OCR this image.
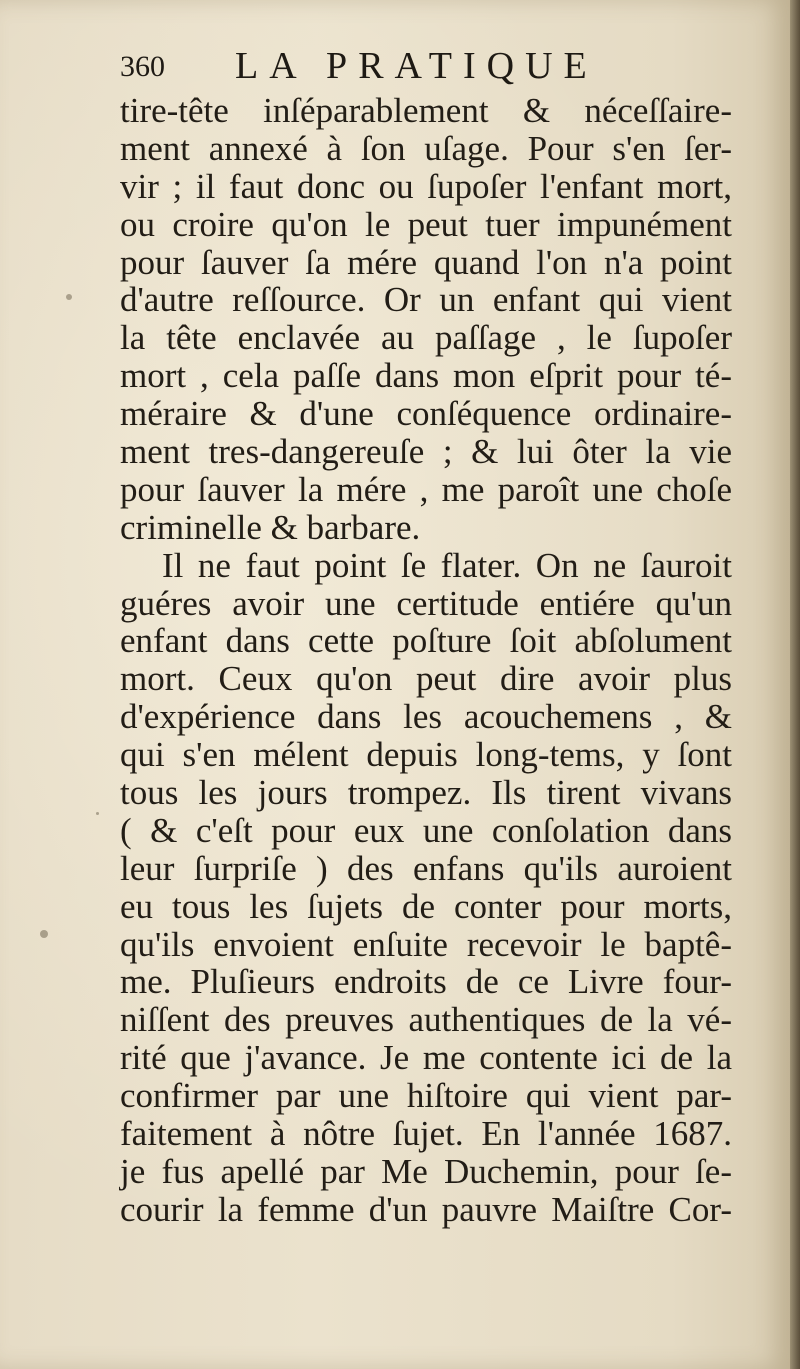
360 LA PRATIQUE
tire-tête inſéparablement & néceſſaire-
ment annexé à ſon uſage. Pour s'en ſer-
vir ; il faut donc ou ſupoſer l'enfant mort,
ou croire qu'on le peut tuer impunément
pour ſauver ſa mére quand l'on n'a point
d'autre reſſource. Or un enfant qui vient
la tête enclavée au paſſage , le ſupoſer
mort , cela paſſe dans mon eſprit pour té-
méraire & d'une conſéquence ordinaire-
ment tres-dangereuſe ; & lui ôter la vie
pour ſauver la mére , me paroît une choſe
criminelle & barbare.
Il ne faut point ſe flater. On ne ſauroit
guéres avoir une certitude entiére qu'un
enfant dans cette poſture ſoit abſolument
mort. Ceux qu'on peut dire avoir plus
d'expérience dans les acouchemens , &
qui s'en mélent depuis long-tems, y ſont
tous les jours trompez. Ils tirent vivans
( & c'eſt pour eux une conſolation dans
leur ſurpriſe ) des enfans qu'ils auroient
eu tous les ſujets de conter pour morts,
qu'ils envoient enſuite recevoir le baptê-
me. Pluſieurs endroits de ce Livre four-
niſſent des preuves authentiques de la vé-
rité que j'avance. Je me contente ici de la
confirmer par une hiſtoire qui vient par-
faitement à nôtre ſujet. En l'année 1687.
je fus apellé par Me Duchemin, pour ſe-
courir la femme d'un pauvre Maiſtre Cor-
